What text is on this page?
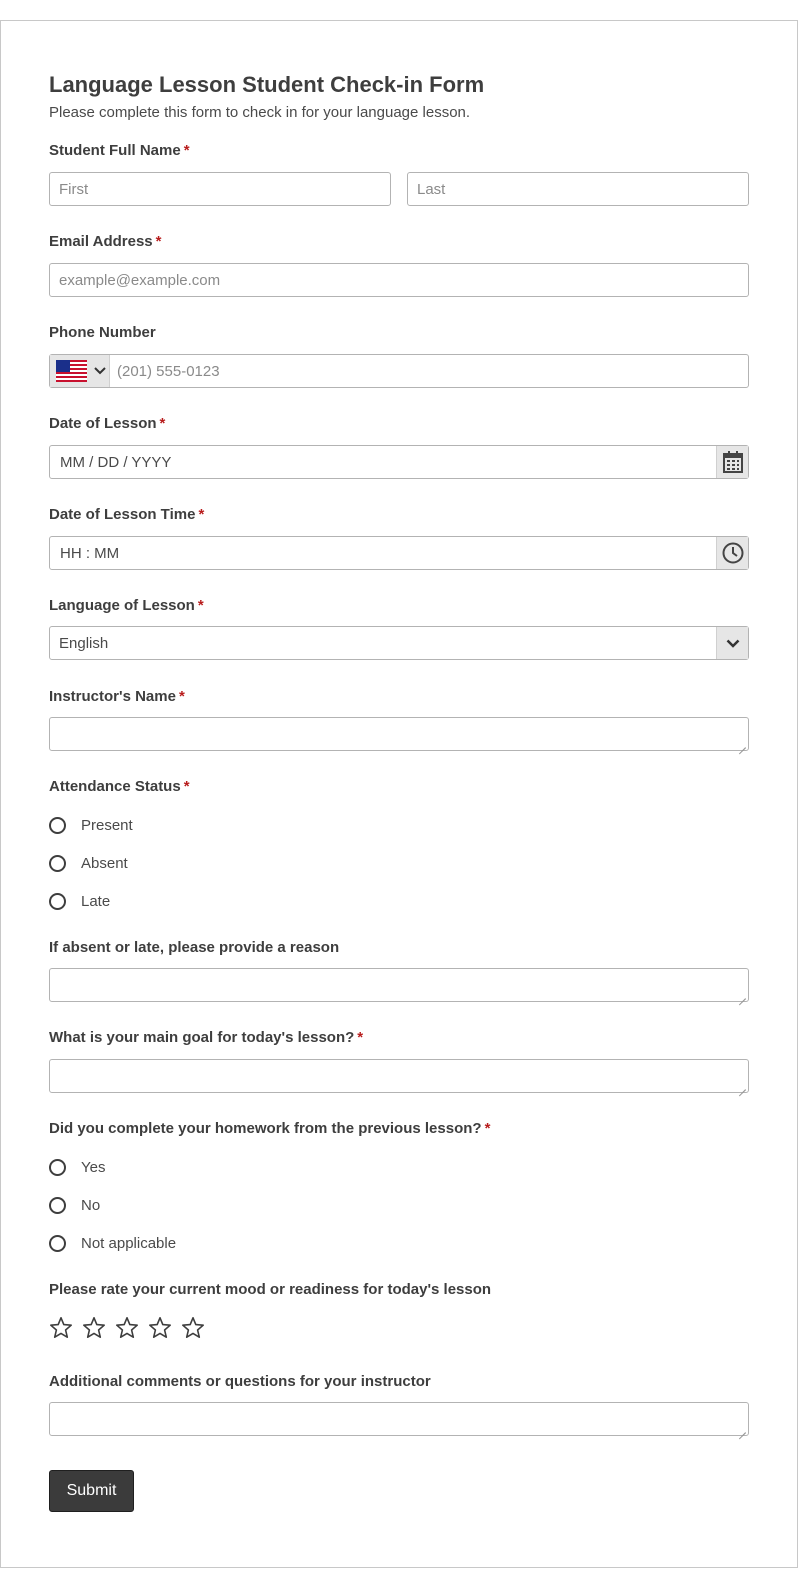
Language Lesson Student Check-in Form
Please complete this form to check in for your language lesson.
Student Full Name *
First	Last
Email Address *
example@example.com
Phone Number
(201) 555-0123
Date of Lesson *
MM / DD / YYYY
Date of Lesson Time *
HH : MM
Language of Lesson *
English
Instructor's Name *
Attendance Status *
Present
Absent
Late
If absent or late, please provide a reason
What is your main goal for today's lesson? *
Did you complete your homework from the previous lesson? *
Yes
No
Not applicable
Please rate your current mood or readiness for today's lesson
Additional comments or questions for your instructor
Submit
